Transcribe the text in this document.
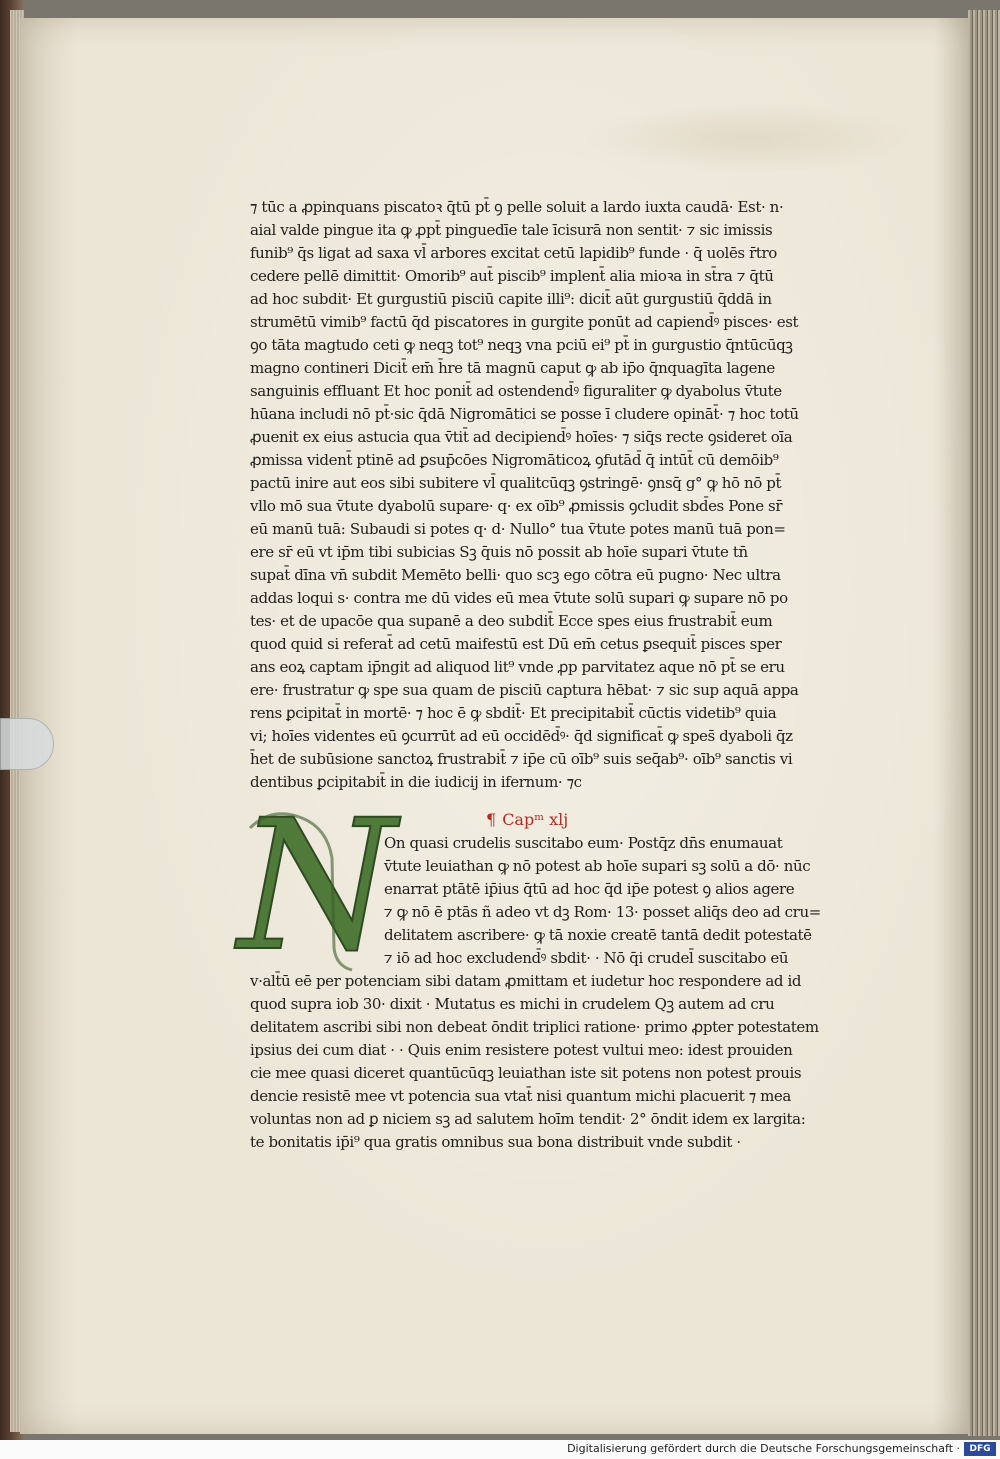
⁊ tūc a ꝓpinquans piscatoꝛ q̄tū pt̄ ꝯ pelle soluit a lardo iuxta caudā· Est· n·
aial valde pingue ita ꝙ ꝓpt̄ pinguedīe tale īcisurā non sentit· ⁊ sic imissis
funib⁹ q̄s ligat ad saxa vl̄ arbores excitat cetū lapidib⁹ funde · q̄ uolēs r̄tro
cedere pellē dimittit· Omorib⁹ aut̄ piscib⁹ implent̄ alia mioꝛa in st̄ra ⁊ q̄tū
ad hoc subdit· Et gurgustiū pisciū capite illi⁹: dicit̄ aūt gurgustiū q̄ddā in
strumētū vimib⁹ factū q̄d piscatores in gurgite ponūt ad capiend̄ꝰ pisces· est
ꝯo tāta magtudo ceti ꝙ neqꝫ tot⁹ neqꝫ vna pciū ei⁹ pt̄ in gurgustio q̄ntūcūqꝫ
magno contineri Dicit̄ em̄ h̄re tā magnū caput ꝙ ab ip̄o q̄nquagīta lagene
sanguinis effluant Et hoc ponit̄ ad ostendend̄ꝰ figuraliter ꝙ dyabolus v̄tute
hūana includi nō pt̄·sic q̄dā Nigromātici se posse ī cludere opināt̄· ⁊ hoc totū
ꝓuenit ex eius astucia qua v̄tit̄ ad decipiend̄ꝰ hoīes· ⁊ siq̄s recte ꝯsideret oīa
ꝓmissa vident̄ ptinē ad ꝑsup̄cōes Nigromāticoꝝ ꝯfutād̄ q̄ intūt̄ cū demōib⁹
pactū inire aut eos sibi subitere vl̄ qualitcūqꝫ ꝯstringē· ꝯnsq̄ g° ꝙ hō nō pt̄
vllo mō sua v̄tute dyabolū supare· q· ex oīb⁹ ꝓmissis ꝯcludit sbd̄es Pone sr̄
eū manū tuā: Subaudi si potes q· d· Nullo° tua v̄tute potes manū tuā pon=
ere sr̄ eū vt ip̄m tibi subicias Sꝫ q̄uis nō possit ab hoīe supari v̄tute tn̄
supat̄ dīna vn̄ subdit Memēto belli· quo scꝫ ego cōtra eū pugno· Nec ultra
addas loqui s· contra me dū vides eū mea v̄tute solū supari ꝙ supare nō po
tes· et de upacōe qua supanē a deo subdit̄ Ecce spes eius frustrabit̄ eum
quod quid si referat̄ ad cetū maifestū est Dū em̄ cetus ꝑsequit̄ pisces sper
ans eoꝝ captam ip̄ngit ad aliquod lit⁹ vnde ꝓp parvitatez aque nō pt̄ se eru
ere· frustratur ꝙ spe sua quam de pisciū captura hēbat· ⁊ sic sup aquā appa
rens ꝑcipitat̄ in mortē· ⁊ hoc ē ꝙ sbdit̄· Et precipitabit̄ cūctis videtib⁹ quia
vi; hoīes videntes eū ꝯcurrūt ad eū occidēd̄ꝰ· q̄d significat̄ ꝙ spes̄ dyaboli q̄z
h̄et de subūsione sanctoꝝ frustrabit̄ ⁊ ip̄e cū oīb⁹ suis seq̄ab⁹· oīb⁹ sanctis vi
dentibus ꝑcipitabit̄ in die iudicij in ifernum· ⁊c
¶ Capᵐ xlj
N
On quasi crudelis suscitabo eum· Postq̄z dn̄s enumauat
v̄tute leuiathan ꝙ nō potest ab hoīe supari sꝫ solū a dō· nūc
enarrat ptātē ip̄ius q̄tū ad hoc q̄d ip̄e potest ꝯ alios agere
⁊ ꝙ nō ē ptās ñ adeo vt dꝫ Rom· 13· posset aliq̄s deo ad cru=
delitatem ascribere· ꝙ tā noxie creatē tantā dedit potestatē
⁊ iō ad hoc excludend̄ꝰ sbdit· · Nō q̄i crudel̄ suscitabo eū
v·alt̄ū eē per potenciam sibi datam ꝓmittam et iudetur hoc respondere ad id
quod supra iob 30· dixit · Mutatus es michi in crudelem Qꝫ autem ad cru
delitatem ascribi sibi non debeat ōndit triplici ratione· primo ꝓpter potestatem
ipsius dei cum diat · · Quis enim resistere potest vultui meo: idest prouiden
cie mee quasi diceret quantūcūqꝫ leuiathan iste sit potens non potest prouis
dencie resistē mee vt potencia sua vtat̄ nisi quantum michi placuerit ⁊ mea
voluntas non ad ꝑ niciem sꝫ ad salutem hoīm tendit· 2° ōndit idem ex largita:
te bonitatis ip̄i⁹ qua gratis omnibus sua bona distribuit vnde subdit ·
Digitalisierung gefördert durch die Deutsche Forschungsgemeinschaft ·	DFG
